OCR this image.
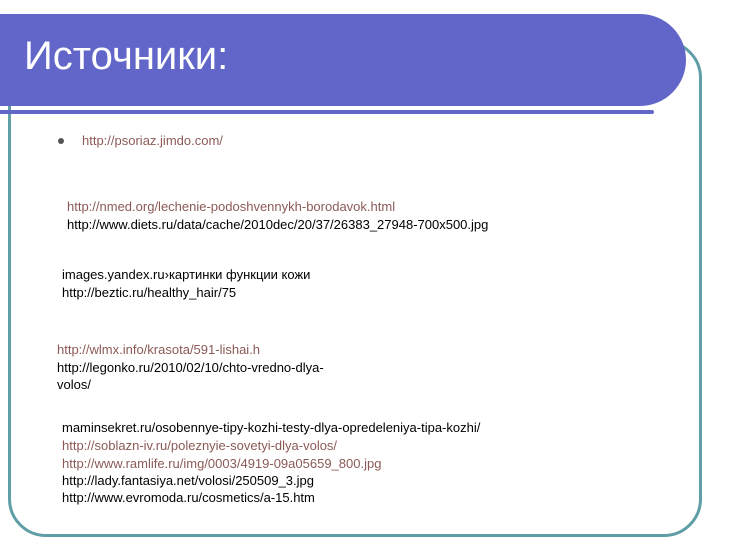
Источники:
http://psoriaz.jimdo.com/
http://nmed.org/lechenie-podoshvennykh-borodavok.html
http://www.diets.ru/data/cache/2010dec/20/37/26383_27948-700x500.jpg
images.yandex.ru›картинки функции кожи
http://beztic.ru/healthy_hair/75
http://wlmx.info/krasota/591-lishai.h
http://legonko.ru/2010/02/10/chto-vredno-dlya-
volos/
maminsekret.ru/osobennye-tipy-kozhi-testy-dlya-opredeleniya-tipa-kozhi/
http://soblazn-iv.ru/poleznyie-sovetyi-dlya-volos/
http://www.ramlife.ru/img/0003/4919-09a05659_800.jpg
http://lady.fantasiya.net/volosi/250509_3.jpg
http://www.evromoda.ru/cosmetics/a-15.htm
